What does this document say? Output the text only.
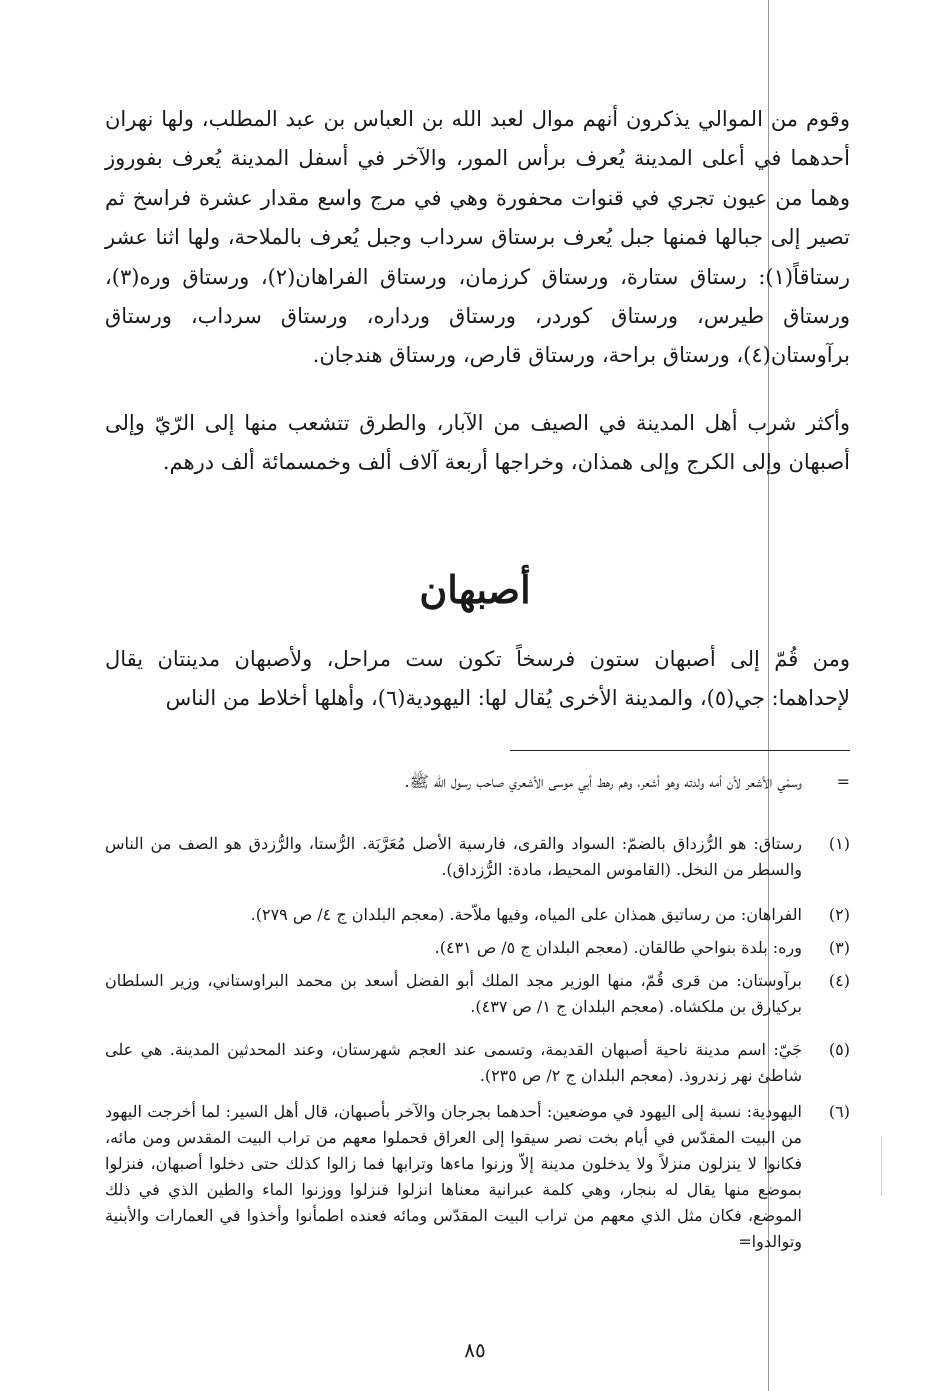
وقوم من الموالي يذكرون أنهم موال لعبد الله بن العباس بن عبد المطلب، ولها نهران أحدهما في أعلى المدينة يُعرف برأس المور، والآخر في أسفل المدينة يُعرف بفوروز وهما من عيون تجري في قنوات محفورة وهي في مرج واسع مقدار عشرة فراسخ ثم تصير إلى جبالها فمنها جبل يُعرف برستاق سرداب وجبل يُعرف بالملاحة، ولها اثنا عشر رستاقاً(١): رستاق ستارة، ورستاق كرزمان، ورستاق الفراهان(٢)، ورستاق وره(٣)، ورستاق طيرس، ورستاق كوردر، ورستاق ورداره، ورستاق سرداب، ورستاق برآوستان(٤)، ورستاق براحة، ورستاق قارص، ورستاق هندجان.

وأكثر شرب أهل المدينة في الصيف من الآبار، والطرق تتشعب منها إلى الرّيّ وإلى أصبهان وإلى الكرج وإلى همذان، وخراجها أربعة آلاف ألف وخمسمائة ألف درهم.

أصبهان

ومن قُمّ إلى أصبهان ستون فرسخاً تكون ست مراحل، ولأصبهان مدينتان يقال لإحداهما: جي(٥)، والمدينة الأخرى يُقال لها: اليهودية(٦)، وأهلها أخلاط من الناس

=
وسمّي الأشعر لأن أمه ولدته وهو أشعر، وهم رهط أبي موسى الأشعري صاحب رسول الله ﷺ.
(١)
رستاق: هو الرُّزداق بالضمّ: السواد والقرى، فارسية الأصل مُعَرَّبَة. الرُّستا، والرُّزدق هو الصف من الناس والسطر من النخل. (القاموس المحيط، مادة: الرُّزداق).
(٢)
الفراهان: من رساتيق همذان على المياه، وفيها ملاّحة. (معجم البلدان ج ٤/ ص ٢٧٩).
(٣)
وره: بلدة بنواحي طالقان. (معجم البلدان ج ٥/ ص ٤٣١).
(٤)
برآوستان: من قرى قُمّ، منها الوزير مجد الملك أبو الفضل أسعد بن محمد البراوستاني، وزير السلطان بركيارق بن ملكشاه. (معجم البلدان ج ١/ ص ٤٣٧).
(٥)
جَيّ: اسم مدينة ناحية أصبهان القديمة، وتسمى عند العجم شهرستان، وعند المحدثين المدينة. هي على شاطئ نهر زندروذ. (معجم البلدان ج ٢/ ص ٢٣٥).
(٦)
اليهودية: نسبة إلى اليهود في موضعين: أحدهما بجرجان والآخر بأصبهان، قال أهل السير: لما أخرجت اليهود من البيت المقدّس في أيام بخت نصر سيقوا إلى العراق فحملوا معهم من تراب البيت المقدس ومن مائه، فكانوا لا ينزلون منزلاً ولا يدخلون مدينة إلاّ وزنوا ماءها وترابها فما زالوا كذلك حتى دخلوا أصبهان، فنزلوا بموضع منها يقال له بنجار، وهي كلمة عبرانية معناها انزلوا فنزلوا ووزنوا الماء والطين الذي في ذلك الموضع، فكان مثل الذي معهم من تراب البيت المقدّس ومائه فعنده اطمأنوا وأخذوا في العمارات والأبنية وتوالدوا=
٨٥
